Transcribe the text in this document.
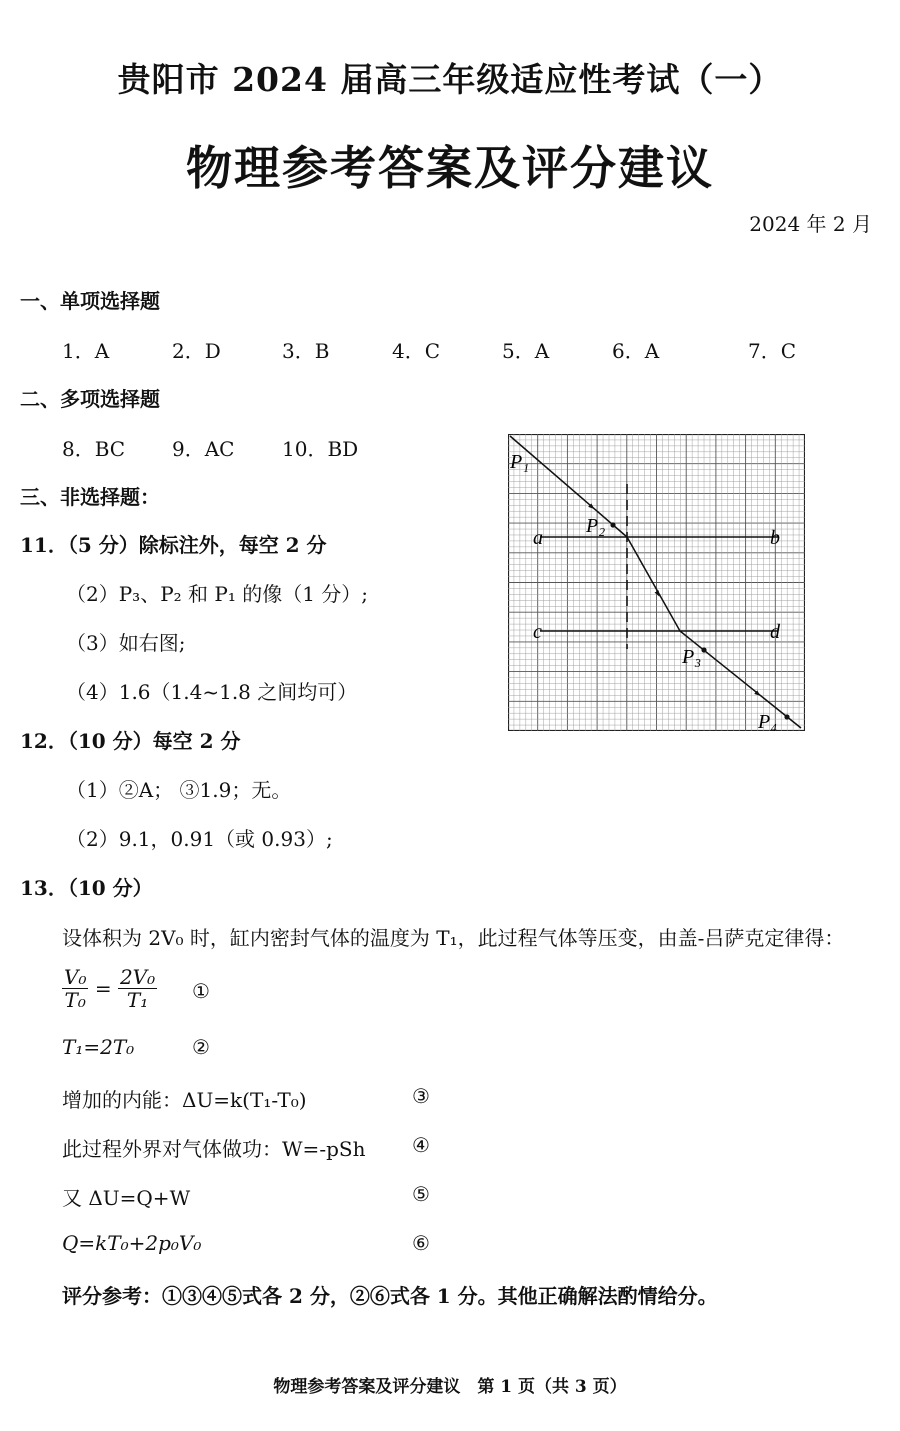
贵阳市 2024 届高三年级适应性考试（一）
物理参考答案及评分建议
2024 年 2 月
一、单项选择题
1．A	2．D	3．B	4．C	5．A	6．A	7．C
二、多项选择题
8．BC 9．AC 10．BD
三、非选择题：
11．（5 分）除标注外，每空 2 分
（2）P₃、P₂ 和 P₁ 的像（1 分）;
（3）如右图;
（4）1.6（1.4~1.8 之间均可）
12．（10 分）每空 2 分
（1）②A； ③1.9；无。
（2）9.1，0.91（或 0.93）;
13．（10 分）
设体积为 2V₀ 时，缸内密封气体的温度为 T₁，此过程气体等压变，由盖-吕萨克定律得：
$\frac{\text{V₀}}{\text{T₀}} = \frac{\text{2V₀}}{\text{T₁}}$ ①
T₁=2T₀	②
增加的内能：ΔU=k(T₁-T₀)	③
此过程外界对气体做功：W=-pSh ④
又 ΔU=Q+W	⑤
Q=kT₀+2p₀V₀	⑥
评分参考：①③④⑤式各 2 分，②⑥式各 1 分。其他正确解法酌情给分。
P₁
P₂
P₃
P₄
a	b
c	d
物理参考答案及评分建议　第 1 页（共 3 页）
